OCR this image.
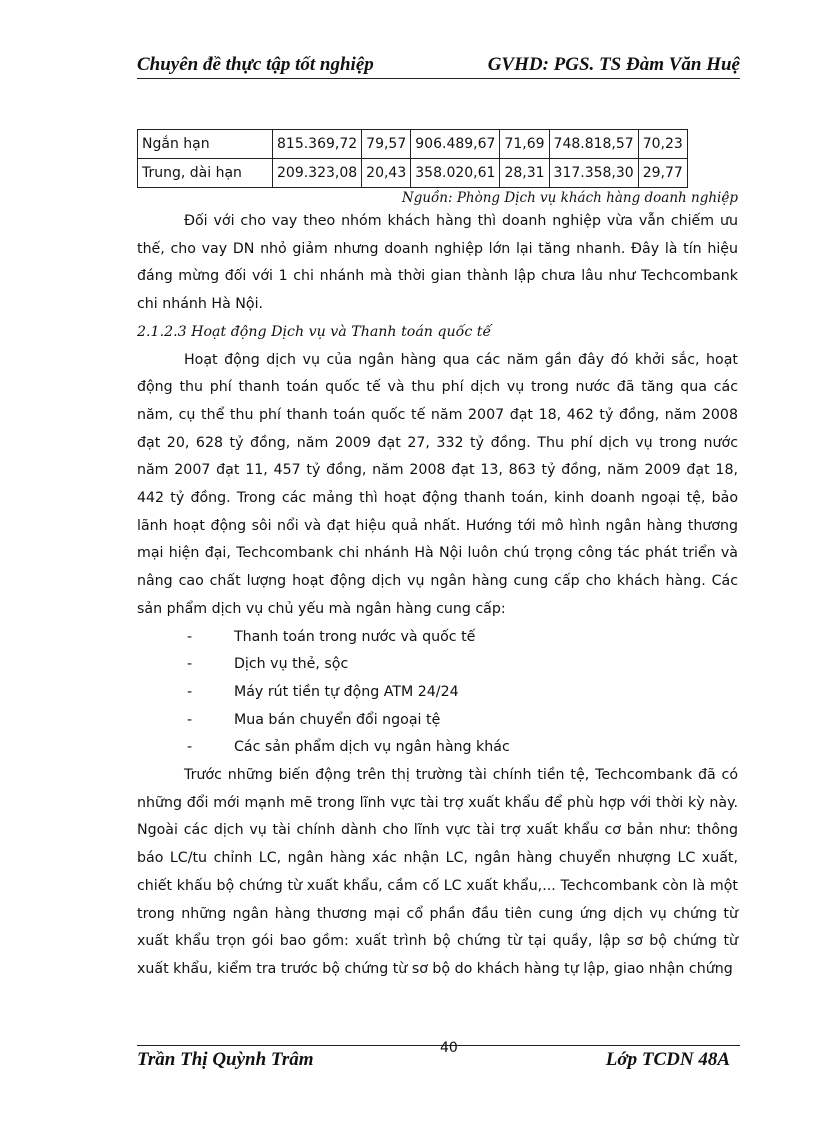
Chuyên đề thực tập tốt nghiệp	GVHD: PGS. TS Đàm Văn Huệ
Ngắn hạn	815.369,72	79,57	906.489,67	71,69	748.818,57	70,23
Trung, dài hạn	209.323,08	20,43	358.020,61	28,31	317.358,30	29,77
Nguồn: Phòng Dịch vụ khách hàng doanh nghiệp

Đối với cho vay theo nhóm khách hàng thì doanh nghiệp vừa vẫn chiếm ưu thế, cho vay DN nhỏ giảm nhưng doanh nghiệp lớn lại tăng nhanh. Đây là tín hiệu đáng mừng đối với 1 chi nhánh mà thời gian thành lập chưa lâu như Techcombank chi nhánh Hà Nội.

2.1.2.3 Hoạt động Dịch vụ và Thanh toán quốc tế

Hoạt động dịch vụ của ngân hàng qua các năm gần đây đó khởi sắc, hoạt động thu phí thanh toán quốc tế và thu phí dịch vụ trong nước đã tăng qua các năm, cụ thể thu phí thanh toán quốc tế năm 2007 đạt 18, 462 tỷ đồng, năm 2008 đạt 20, 628 tỷ đồng, năm 2009 đạt 27, 332 tỷ đồng. Thu phí dịch vụ trong nước năm 2007 đạt 11, 457 tỷ đồng, năm 2008 đạt 13, 863 tỷ đồng, năm 2009 đạt 18, 442 tỷ đồng. Trong các mảng thì hoạt động thanh toán, kinh doanh ngoại tệ, bảo lãnh hoạt động sôi nổi và đạt hiệu quả nhất. Hướng tới mô hình ngân hàng thương mại hiện đại, Techcombank chi nhánh Hà Nội luôn chú trọng công tác phát triển và nâng cao chất lượng hoạt động dịch vụ ngân hàng cung cấp cho khách hàng. Các sản phẩm dịch vụ chủ yếu mà ngân hàng cung cấp:

-	Thanh toán trong nước và quốc tế
-	Dịch vụ thẻ, sộc
-	Máy rút tiền tự động ATM 24/24
-	Mua bán chuyển đổi ngoại tệ
-	Các sản phẩm dịch vụ ngân hàng khác

Trước những biến động trên thị trường tài chính tiền tệ, Techcombank đã có những đổi mới mạnh mẽ trong lĩnh vực tài trợ xuất khẩu để phù hợp với thời kỳ này. Ngoài các dịch vụ tài chính dành cho lĩnh vực tài trợ xuất khẩu cơ bản như: thông báo LC/tu chỉnh LC, ngân hàng xác nhận LC, ngân hàng chuyển nhượng LC xuất, chiết khấu bộ chứng từ xuất khẩu, cầm cố LC xuất khẩu,... Techcombank còn là một trong những ngân hàng thương mại cổ phần đầu tiên cung ứng dịch vụ chứng từ xuất khẩu trọn gói bao gồm: xuất trình bộ chứng từ tại quầy, lập sơ bộ chứng từ xuất khẩu, kiểm tra trước bộ chứng từ sơ bộ do khách hàng tự lập, giao nhận chứng

Trần Thị Quỳnh Trâm
40
Lớp TCDN 48A
